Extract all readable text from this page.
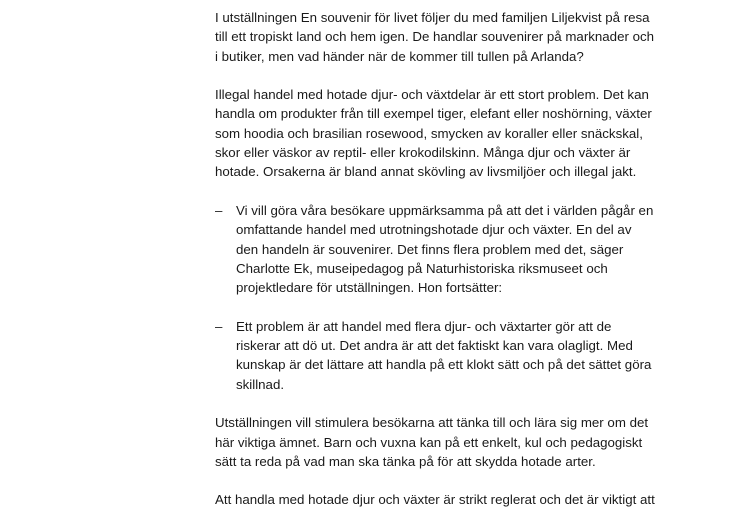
I utställningen En souvenir för livet följer du med familjen Liljekvist på resa till ett tropiskt land och hem igen. De handlar souvenirer på marknader och i butiker, men vad händer när de kommer till tullen på Arlanda?

Illegal handel med hotade djur- och växtdelar är ett stort problem. Det kan handla om produkter från till exempel tiger, elefant eller noshörning, växter som hoodia och brasilian rosewood, smycken av koraller eller snäckskal, skor eller väskor av reptil- eller krokodilskinn. Många djur och växter är hotade. Orsakerna är bland annat skövling av livsmiljöer och illegal jakt.

– Vi vill göra våra besökare uppmärksamma på att det i världen pågår en omfattande handel med utrotningshotade djur och växter. En del av den handeln är souvenirer. Det finns flera problem med det, säger Charlotte Ek, museipedagog på Naturhistoriska riksmuseet och projektledare för utställningen. Hon fortsätter:
– Ett problem är att handel med flera djur- och växtarter gör att de riskerar att dö ut. Det andra är att det faktiskt kan vara olagligt. Med kunskap är det lättare att handla på ett klokt sätt och på det sättet göra skillnad.

Utställningen vill stimulera besökarna att tänka till och lära sig mer om det här viktiga ämnet. Barn och vuxna kan på ett enkelt, kul och pedagogiskt sätt ta reda på vad man ska tänka på för att skydda hotade arter.

Att handla med hotade djur och växter är strikt reglerat och det är viktigt att
